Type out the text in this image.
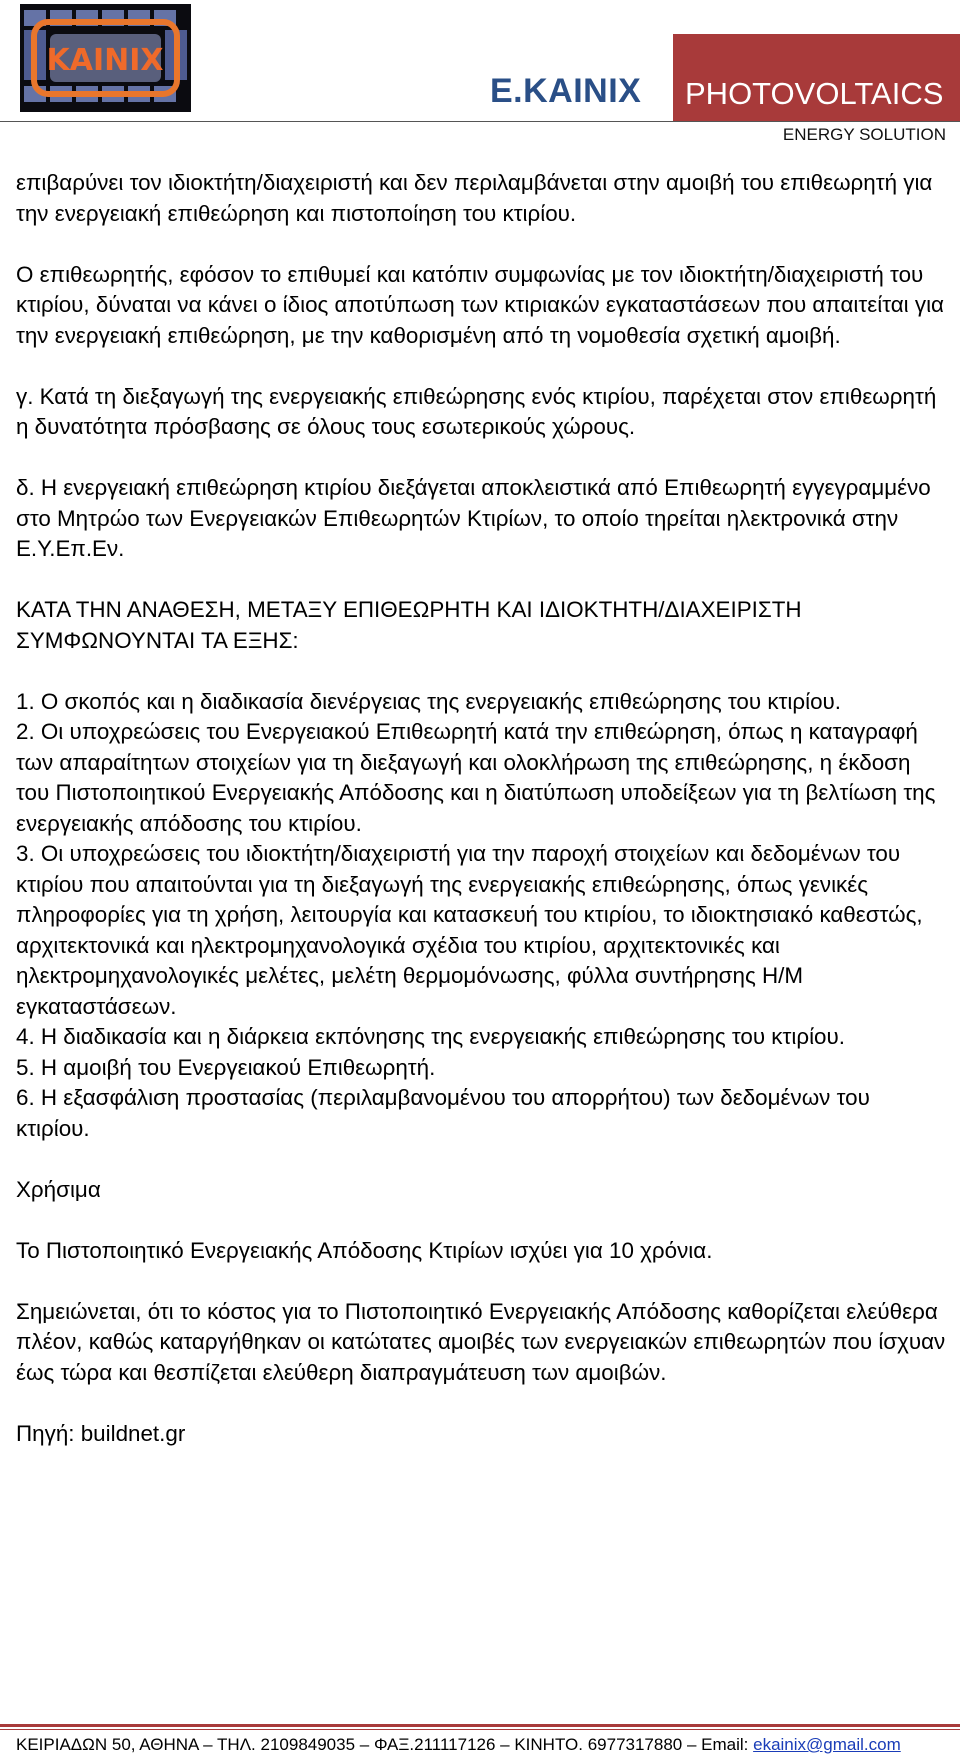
ΚΑΙΝΙΧ
E.KAINIX PHOTOVOLTAICS
ENERGY SOLUTION

επιβαρύνει τον ιδιοκτήτη/διαχειριστή και δεν περιλαμβάνεται στην αμοιβή του επιθεωρητή για την ενεργειακή επιθεώρηση και πιστοποίηση του κτιρίου.

Ο επιθεωρητής, εφόσον το επιθυμεί και κατόπιν συμφωνίας με τον ιδιοκτήτη/διαχειριστή του κτιρίου, δύναται να κάνει ο ίδιος αποτύπωση των κτιριακών εγκαταστάσεων που απαιτείται για την ενεργειακή επιθεώρηση, με την καθορισμένη από τη νομοθεσία σχετική αμοιβή.

γ. Κατά τη διεξαγωγή της ενεργειακής επιθεώρησης ενός κτιρίου, παρέχεται στον επιθεωρητή η δυνατότητα πρόσβασης σε όλους τους εσωτερικούς χώρους.

δ. Η ενεργειακή επιθεώρηση κτιρίου διεξάγεται αποκλειστικά από Επιθεωρητή εγγεγραμμένο στο Μητρώο των Ενεργειακών Επιθεωρητών Κτιρίων, το οποίο τηρείται ηλεκτρονικά στην Ε.Υ.Επ.Εν.

ΚΑΤΑ ΤΗΝ ΑΝΑΘΕΣΗ, ΜΕΤΑΞΥ ΕΠΙΘΕΩΡΗΤΗ ΚΑΙ ΙΔΙΟΚΤΗΤΗ/ΔΙΑΧΕΙΡΙΣΤΗ ΣΥΜΦΩΝΟΥΝΤΑΙ ΤΑ ΕΞΗΣ:

1. Ο σκοπός και η διαδικασία διενέργειας της ενεργειακής επιθεώρησης του κτιρίου.

2. Οι υποχρεώσεις του Ενεργειακού Επιθεωρητή κατά την επιθεώρηση, όπως η καταγραφή των απαραίτητων στοιχείων για τη διεξαγωγή και ολοκλήρωση της επιθεώρησης, η έκδοση του Πιστοποιητικού Ενεργειακής Απόδοσης και η διατύπωση υποδείξεων για τη βελτίωση της ενεργειακής απόδοσης του κτιρίου.

3. Οι υποχρεώσεις του ιδιοκτήτη/διαχειριστή για την παροχή στοιχείων και δεδομένων του κτιρίου που απαιτούνται για τη διεξαγωγή της ενεργειακής επιθεώρησης, όπως γενικές πληροφορίες για τη χρήση, λειτουργία και κατασκευή του κτιρίου, το ιδιοκτησιακό καθεστώς, αρχιτεκτονικά και ηλεκτρομηχανολογικά σχέδια του κτιρίου, αρχιτεκτονικές και ηλεκτρομηχανολογικές μελέτες, μελέτη θερμομόνωσης, φύλλα συντήρησης Η/Μ εγκαταστάσεων.

4. Η διαδικασία και η διάρκεια εκπόνησης της ενεργειακής επιθεώρησης του κτιρίου.

5. Η αμοιβή του Ενεργειακού Επιθεωρητή.

6. Η εξασφάλιση προστασίας (περιλαμβανομένου του απορρήτου) των δεδομένων του κτιρίου.

Χρήσιμα

Το Πιστοποιητικό Ενεργειακής Απόδοσης Κτιρίων ισχύει για 10 χρόνια.

Σημειώνεται, ότι το κόστος για το Πιστοποιητικό Ενεργειακής Απόδοσης καθορίζεται ελεύθερα πλέον, καθώς καταργήθηκαν οι κατώτατες αμοιβές των ενεργειακών επιθεωρητών που ίσχυαν έως τώρα και θεσπίζεται ελεύθερη διαπραγμάτευση των αμοιβών.

Πηγή: buildnet.gr

ΚΕΙΡΙΑΔΩΝ 50, ΑΘΗΝΑ – ΤΗΛ. 2109849035 – ΦΑΞ.211117126 – ΚΙΝΗΤΟ. 6977317880 – Email: ekainix@gmail.com
